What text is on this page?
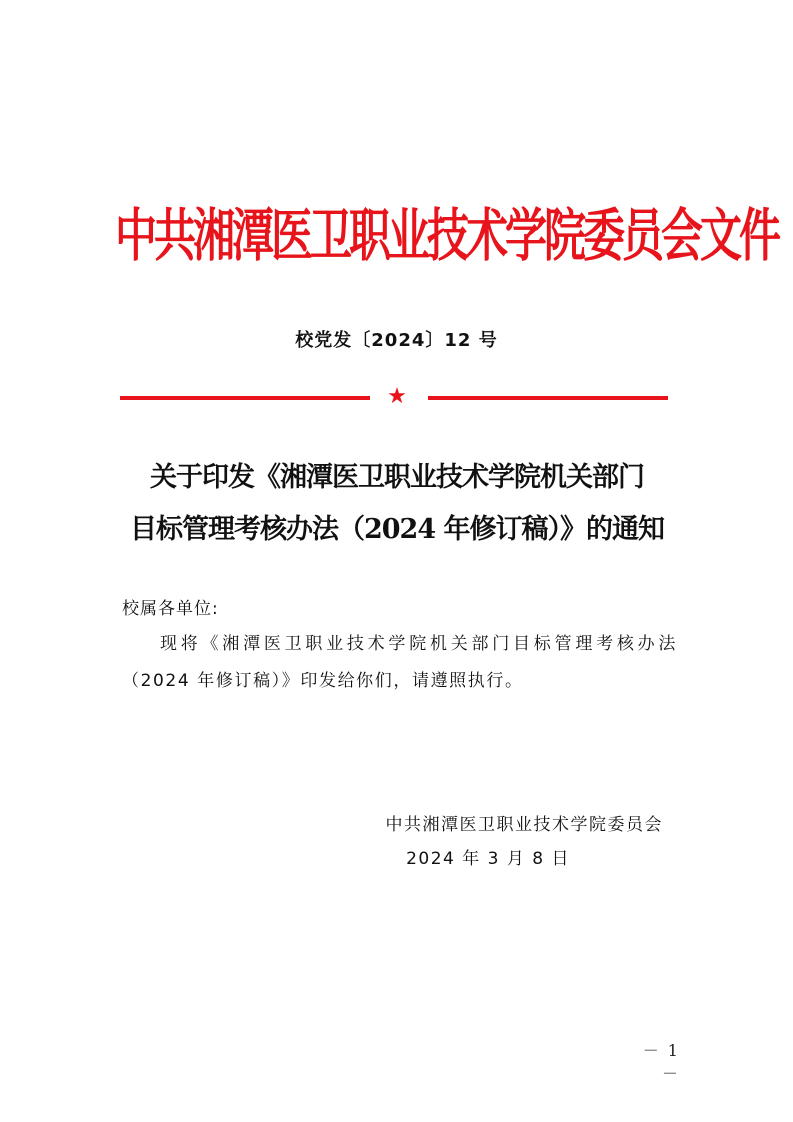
中共湘潭医卫职业技术学院委员会文件
校党发〔2024〕12 号
★
关于印发《湘潭医卫职业技术学院机关部门
目标管理考核办法（2024 年修订稿）》的通知
校属各单位:
现将《湘潭医卫职业技术学院机关部门目标管理考核办法（2024 年修订稿）》印发给你们，请遵照执行。
中共湘潭医卫职业技术学院委员会
2024 年 3 月 8 日
－ 1 －
